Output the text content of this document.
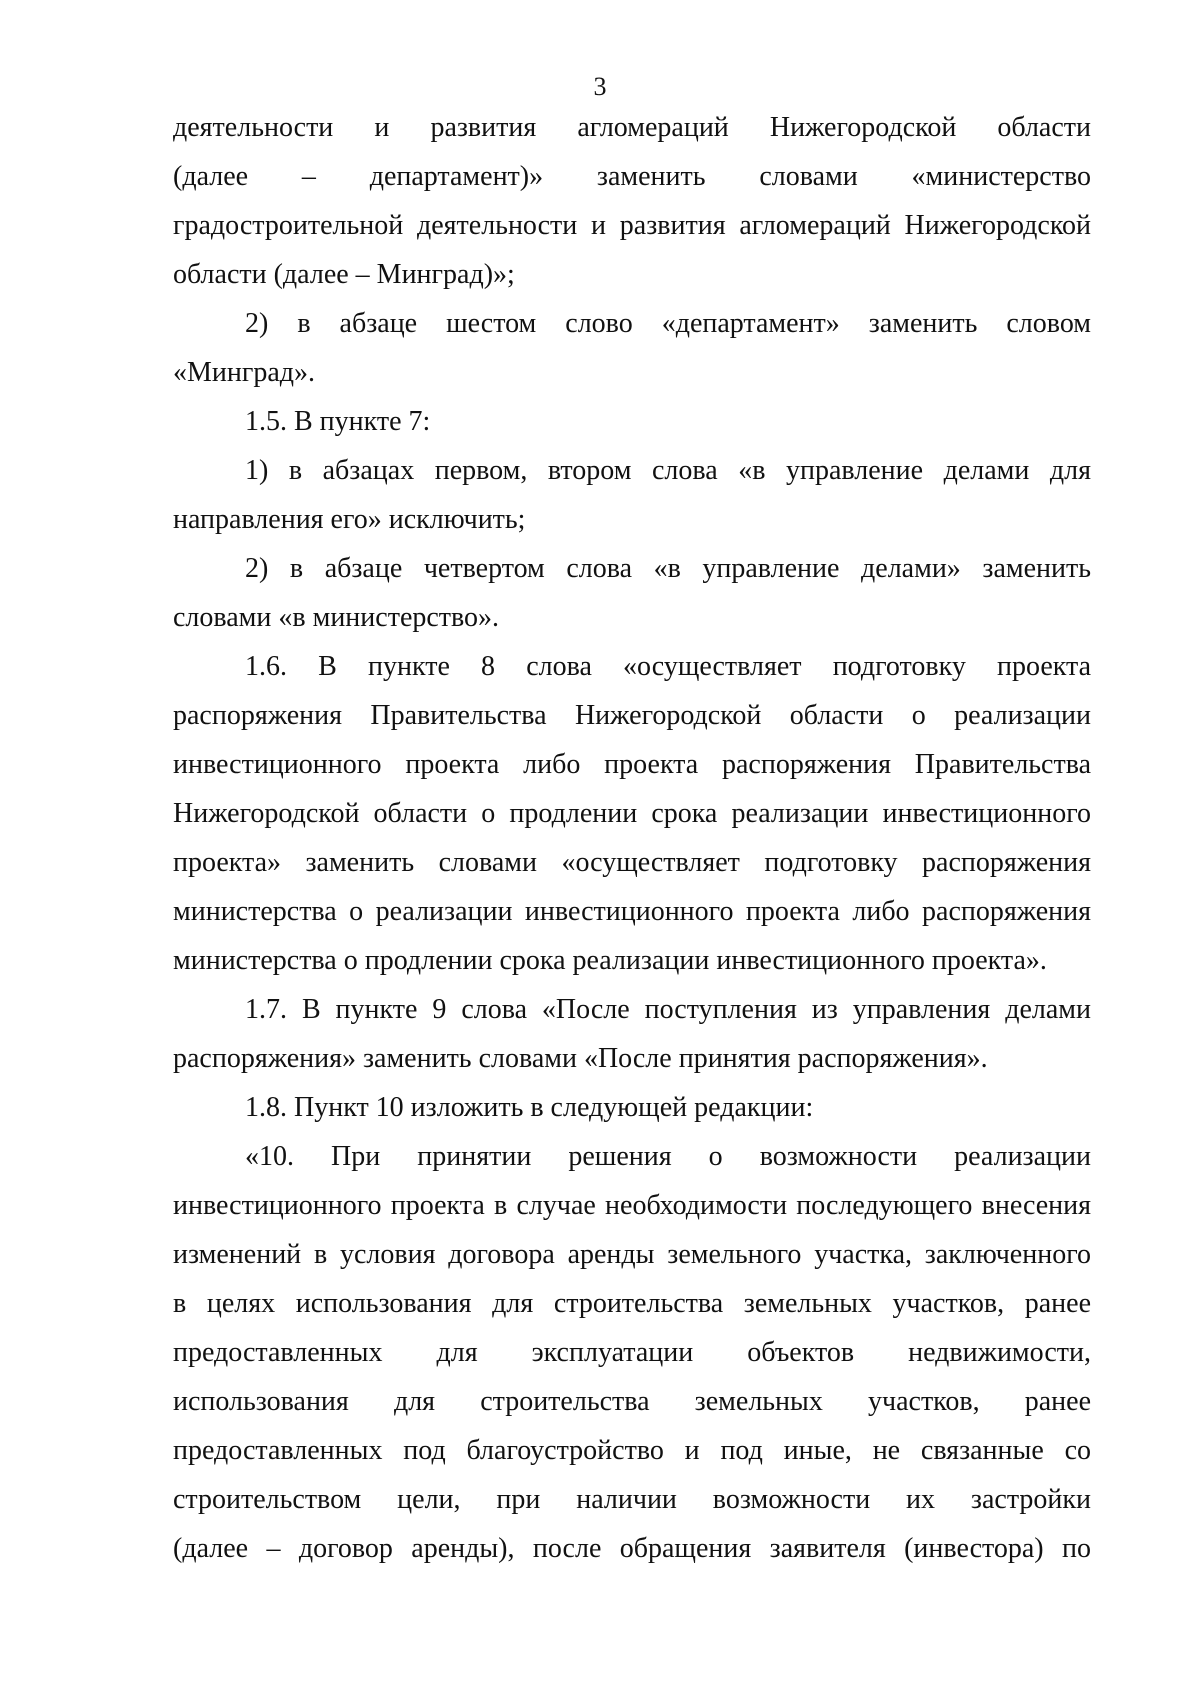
3
деятельности и развития агломераций Нижегородской области
(далее – департамент)» заменить словами «министерство
градостроительной деятельности и развития агломераций Нижегородской
области (далее – Минград)»;
2) в абзаце шестом слово «департамент» заменить словом
«Минград».
1.5. В пункте 7:
1) в абзацах первом, втором слова «в управление делами для
направления его» исключить;
2) в абзаце четвертом слова «в управление делами» заменить
словами «в министерство».
1.6. В пункте 8 слова «осуществляет подготовку проекта
распоряжения Правительства Нижегородской области о реализации
инвестиционного проекта либо проекта распоряжения Правительства
Нижегородской области о продлении срока реализации инвестиционного
проекта» заменить словами «осуществляет подготовку распоряжения
министерства о реализации инвестиционного проекта либо распоряжения
министерства о продлении срока реализации инвестиционного проекта».
1.7. В пункте 9 слова «После поступления из управления делами
распоряжения» заменить словами «После принятия распоряжения».
1.8. Пункт 10 изложить в следующей редакции:
«10. При принятии решения о возможности реализации
инвестиционного проекта в случае необходимости последующего внесения
изменений в условия договора аренды земельного участка, заключенного
в целях использования для строительства земельных участков, ранее
предоставленных для эксплуатации объектов недвижимости,
использования для строительства земельных участков, ранее
предоставленных под благоустройство и под иные, не связанные со
строительством цели, при наличии возможности их застройки
(далее – договор аренды), после обращения заявителя (инвестора) по
